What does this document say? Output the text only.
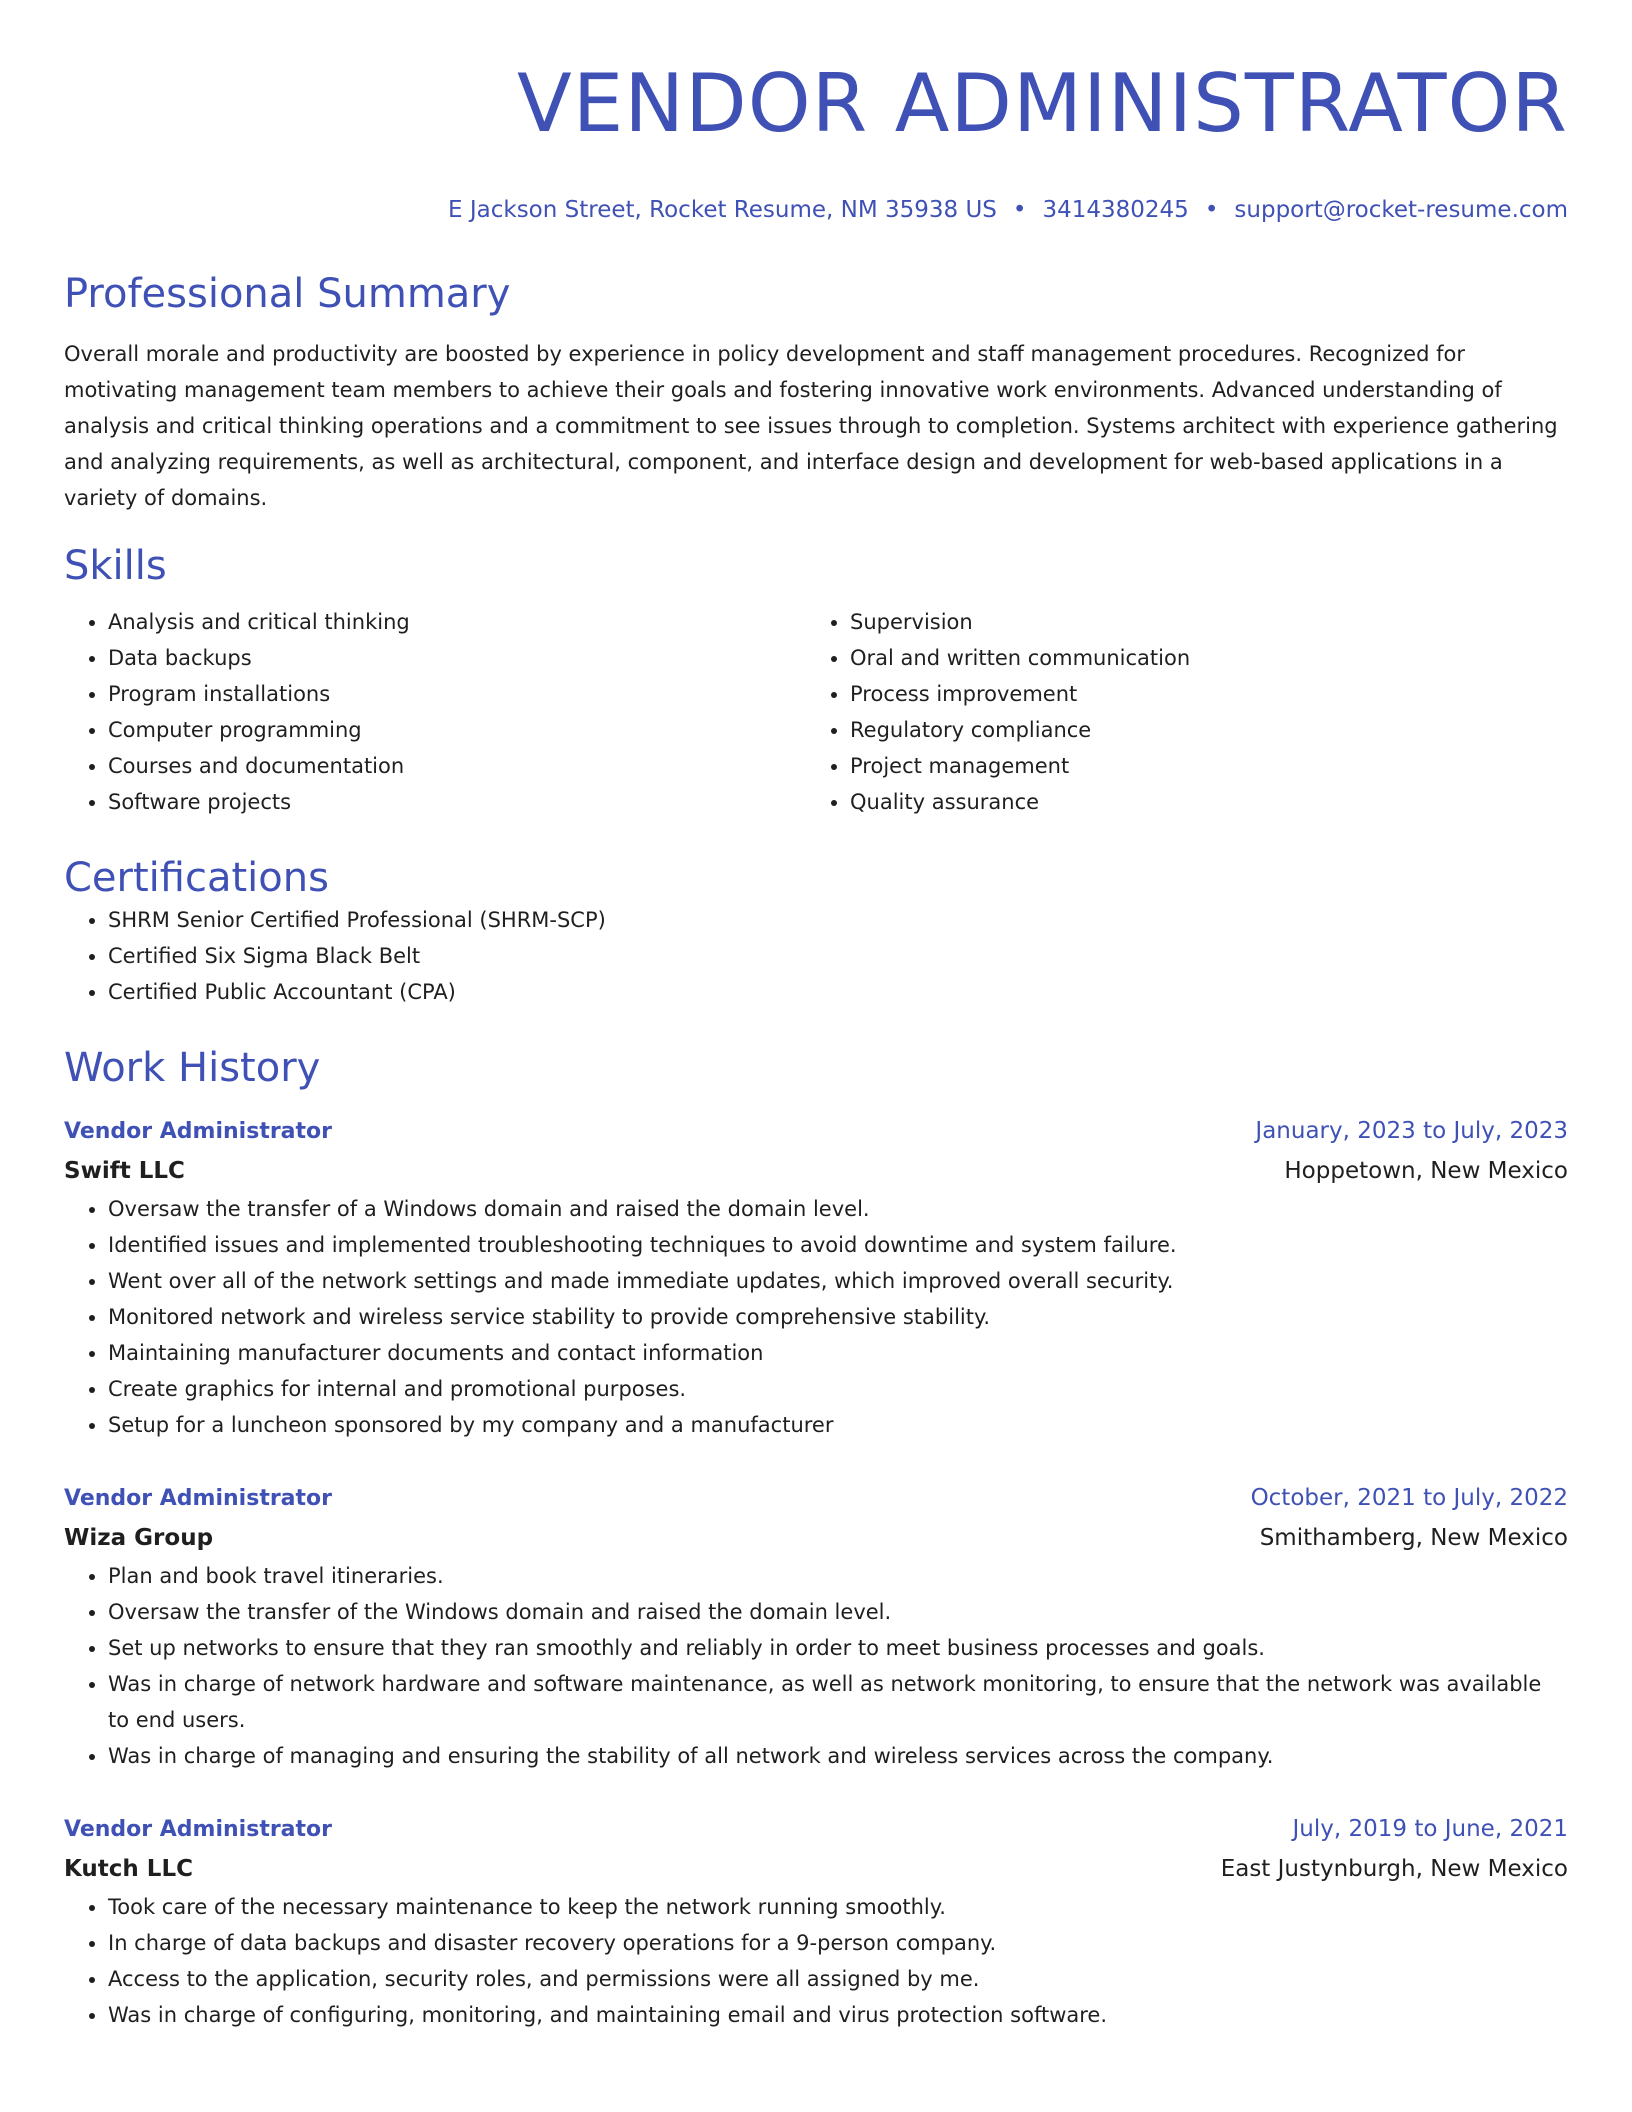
VENDOR ADMINISTRATOR
E Jackson Street, Rocket Resume, NM 35938 US • 3414380245 • support@rocket-resume.com
Professional Summary
Overall morale and productivity are boosted by experience in policy development and staff management procedures. Recognized for motivating management team members to achieve their goals and fostering innovative work environments. Advanced understanding of analysis and critical thinking operations and a commitment to see issues through to completion. Systems architect with experience gathering and analyzing requirements, as well as architectural, component, and interface design and development for web-based applications in a variety of domains.
Skills
• Analysis and critical thinking
• Data backups
• Program installations
• Computer programming
• Courses and documentation
• Software projects
• Supervision
• Oral and written communication
• Process improvement
• Regulatory compliance
• Project management
• Quality assurance
Certifications
• SHRM Senior Certified Professional (SHRM-SCP)
• Certified Six Sigma Black Belt
• Certified Public Accountant (CPA)
Work History
Vendor Administrator	January, 2023 to July, 2023
Swift LLC	Hoppetown, New Mexico
• Oversaw the transfer of a Windows domain and raised the domain level.
• Identified issues and implemented troubleshooting techniques to avoid downtime and system failure.
• Went over all of the network settings and made immediate updates, which improved overall security.
• Monitored network and wireless service stability to provide comprehensive stability.
• Maintaining manufacturer documents and contact information
• Create graphics for internal and promotional purposes.
• Setup for a luncheon sponsored by my company and a manufacturer
Vendor Administrator	October, 2021 to July, 2022
Wiza Group	Smithamberg, New Mexico
• Plan and book travel itineraries.
• Oversaw the transfer of the Windows domain and raised the domain level.
• Set up networks to ensure that they ran smoothly and reliably in order to meet business processes and goals.
• Was in charge of network hardware and software maintenance, as well as network monitoring, to ensure that the network was available to end users.
• Was in charge of managing and ensuring the stability of all network and wireless services across the company.
Vendor Administrator	July, 2019 to June, 2021
Kutch LLC	East Justynburgh, New Mexico
• Took care of the necessary maintenance to keep the network running smoothly.
• In charge of data backups and disaster recovery operations for a 9-person company.
• Access to the application, security roles, and permissions were all assigned by me.
• Was in charge of configuring, monitoring, and maintaining email and virus protection software.
